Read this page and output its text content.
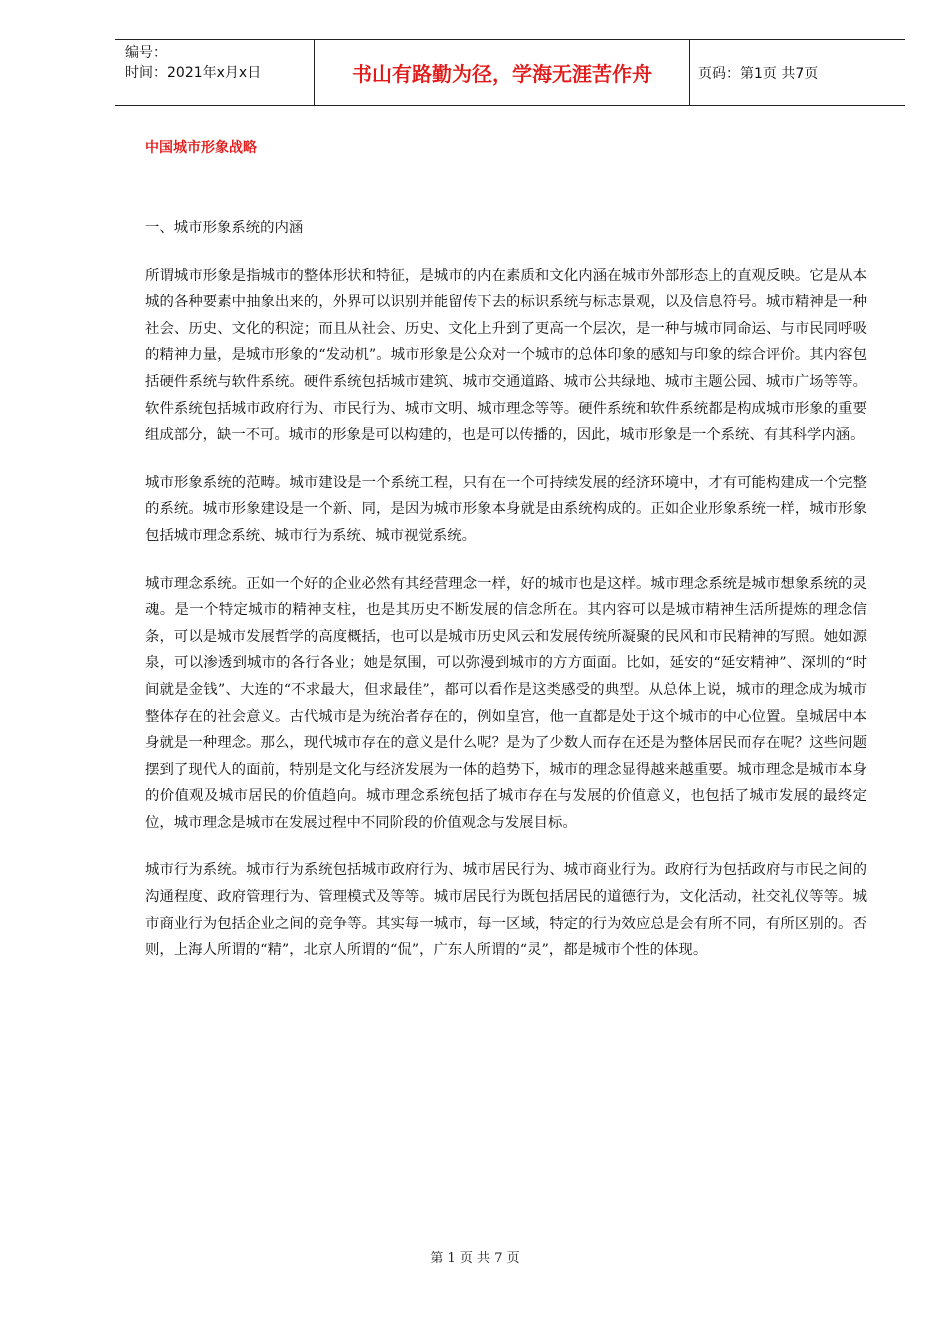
编号：
时间：2021年x月x日	书山有路勤为径，学海无涯苦作舟	页码：第1页 共7页
中国城市形象战略

一、城市形象系统的内涵

所谓城市形象是指城市的整体形状和特征，是城市的内在素质和文化内涵在城市外部形态上的直观反映。它是从本城的各种要素中抽象出来的，外界可以识别并能留传下去的标识系统与标志景观，以及信息符号。城市精神是一种社会、历史、文化的积淀；而且从社会、历史、文化上升到了更高一个层次，是一种与城市同命运、与市民同呼吸的精神力量，是城市形象的“发动机”。城市形象是公众对一个城市的总体印象的感知与印象的综合评价。其内容包括硬件系统与软件系统。硬件系统包括城市建筑、城市交通道路、城市公共绿地、城市主题公园、城市广场等等。软件系统包括城市政府行为、市民行为、城市文明、城市理念等等。硬件系统和软件系统都是构成城市形象的重要组成部分，缺一不可。城市的形象是可以构建的，也是可以传播的，因此，城市形象是一个系统、有其科学内涵。

城市形象系统的范畴。城市建设是一个系统工程，只有在一个可持续发展的经济环境中，才有可能构建成一个完整的系统。城市形象建设是一个新、同，是因为城市形象本身就是由系统构成的。正如企业形象系统一样，城市形象包括城市理念系统、城市行为系统、城市视觉系统。

城市理念系统。正如一个好的企业必然有其经营理念一样，好的城市也是这样。城市理念系统是城市想象系统的灵魂。是一个特定城市的精神支柱，也是其历史不断发展的信念所在。其内容可以是城市精神生活所提炼的理念信条，可以是城市发展哲学的高度概括，也可以是城市历史风云和发展传统所凝聚的民风和市民精神的写照。她如源泉，可以渗透到城市的各行各业；她是氛围，可以弥漫到城市的方方面面。比如，延安的“延安精神”、深圳的“时间就是金钱”、大连的“不求最大，但求最佳”，都可以看作是这类感受的典型。从总体上说，城市的理念成为城市整体存在的社会意义。古代城市是为统治者存在的，例如皇宫，他一直都是处于这个城市的中心位置。皇城居中本身就是一种理念。那么，现代城市存在的意义是什么呢？是为了少数人而存在还是为整体居民而存在呢？这些问题摆到了现代人的面前，特别是文化与经济发展为一体的趋势下，城市的理念显得越来越重要。城市理念是城市本身的价值观及城市居民的价值趋向。城市理念系统包括了城市存在与发展的价值意义，也包括了城市发展的最终定位，城市理念是城市在发展过程中不同阶段的价值观念与发展目标。

城市行为系统。城市行为系统包括城市政府行为、城市居民行为、城市商业行为。政府行为包括政府与市民之间的沟通程度、政府管理行为、管理模式及等等。城市居民行为既包括居民的道德行为，文化活动，社交礼仪等等。城市商业行为包括企业之间的竞争等。其实每一城市，每一区域，特定的行为效应总是会有所不同，有所区别的。否则，上海人所谓的“精”，北京人所谓的“侃”，广东人所谓的“灵”，都是城市个性的体现。

第 1 页 共 7 页
